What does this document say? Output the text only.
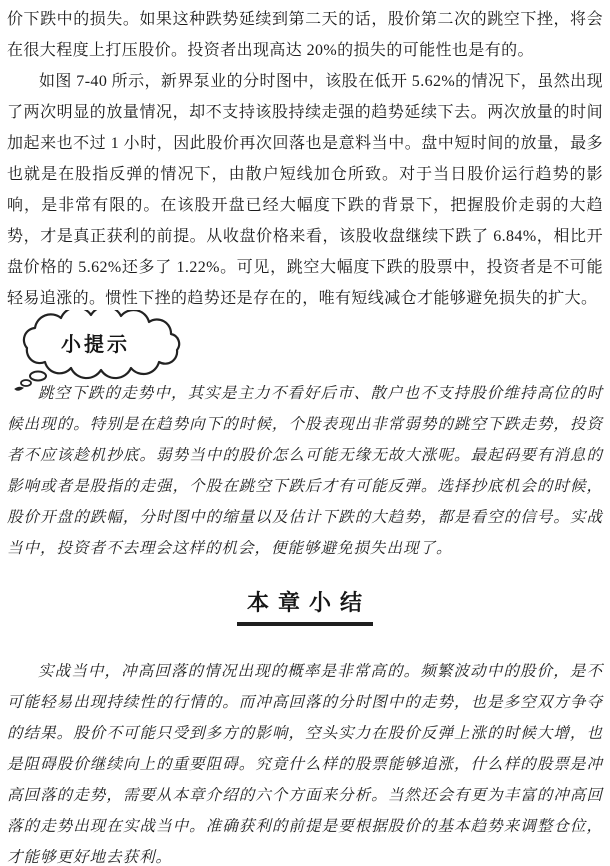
价下跌中的损失。如果这种跌势延续到第二天的话，股价第二次的跳空下挫，将会在很大程度上打压股价。投资者出现高达 20%的损失的可能性也是有的。

如图 7-40 所示，新界泵业的分时图中，该股在低开 5.62%的情况下，虽然出现了两次明显的放量情况，却不支持该股持续走强的趋势延续下去。两次放量的时间加起来也不过 1 小时，因此股价再次回落也是意料当中。盘中短时间的放量，最多也就是在股指反弹的情况下，由散户短线加仓所致。对于当日股价运行趋势的影响，是非常有限的。在该股开盘已经大幅度下跌的背景下，把握股价走弱的大趋势，才是真正获利的前提。从收盘价格来看，该股收盘继续下跌了 6.84%，相比开盘价格的 5.62%还多了 1.22%。可见，跳空大幅度下跌的股票中，投资者是不可能轻易追涨的。惯性下挫的趋势还是存在的，唯有短线减仓才能够避免损失的扩大。

小提示

跳空下跌的走势中，其实是主力不看好后市、散户也不支持股价维持高位的时候出现的。特别是在趋势向下的时候，个股表现出非常弱势的跳空下跌走势，投资者不应该趁机抄底。弱势当中的股价怎么可能无缘无故大涨呢。最起码要有消息的影响或者是股指的走强，个股在跳空下跌后才有可能反弹。选择抄底机会的时候，股价开盘的跌幅，分时图中的缩量以及估计下跌的大趋势，都是看空的信号。实战当中，投资者不去理会这样的机会，便能够避免损失出现了。

本章小结

实战当中，冲高回落的情况出现的概率是非常高的。频繁波动中的股价，是不可能轻易出现持续性的行情的。而冲高回落的分时图中的走势，也是多空双方争夺的结果。股价不可能只受到多方的影响，空头实力在股价反弹上涨的时候大增，也是阻碍股价继续向上的重要阻碍。究竟什么样的股票能够追涨，什么样的股票是冲高回落的走势，需要从本章介绍的六个方面来分析。当然还会有更为丰富的冲高回落的走势出现在实战当中。准确获利的前提是要根据股价的基本趋势来调整仓位，才能够更好地去获利。
